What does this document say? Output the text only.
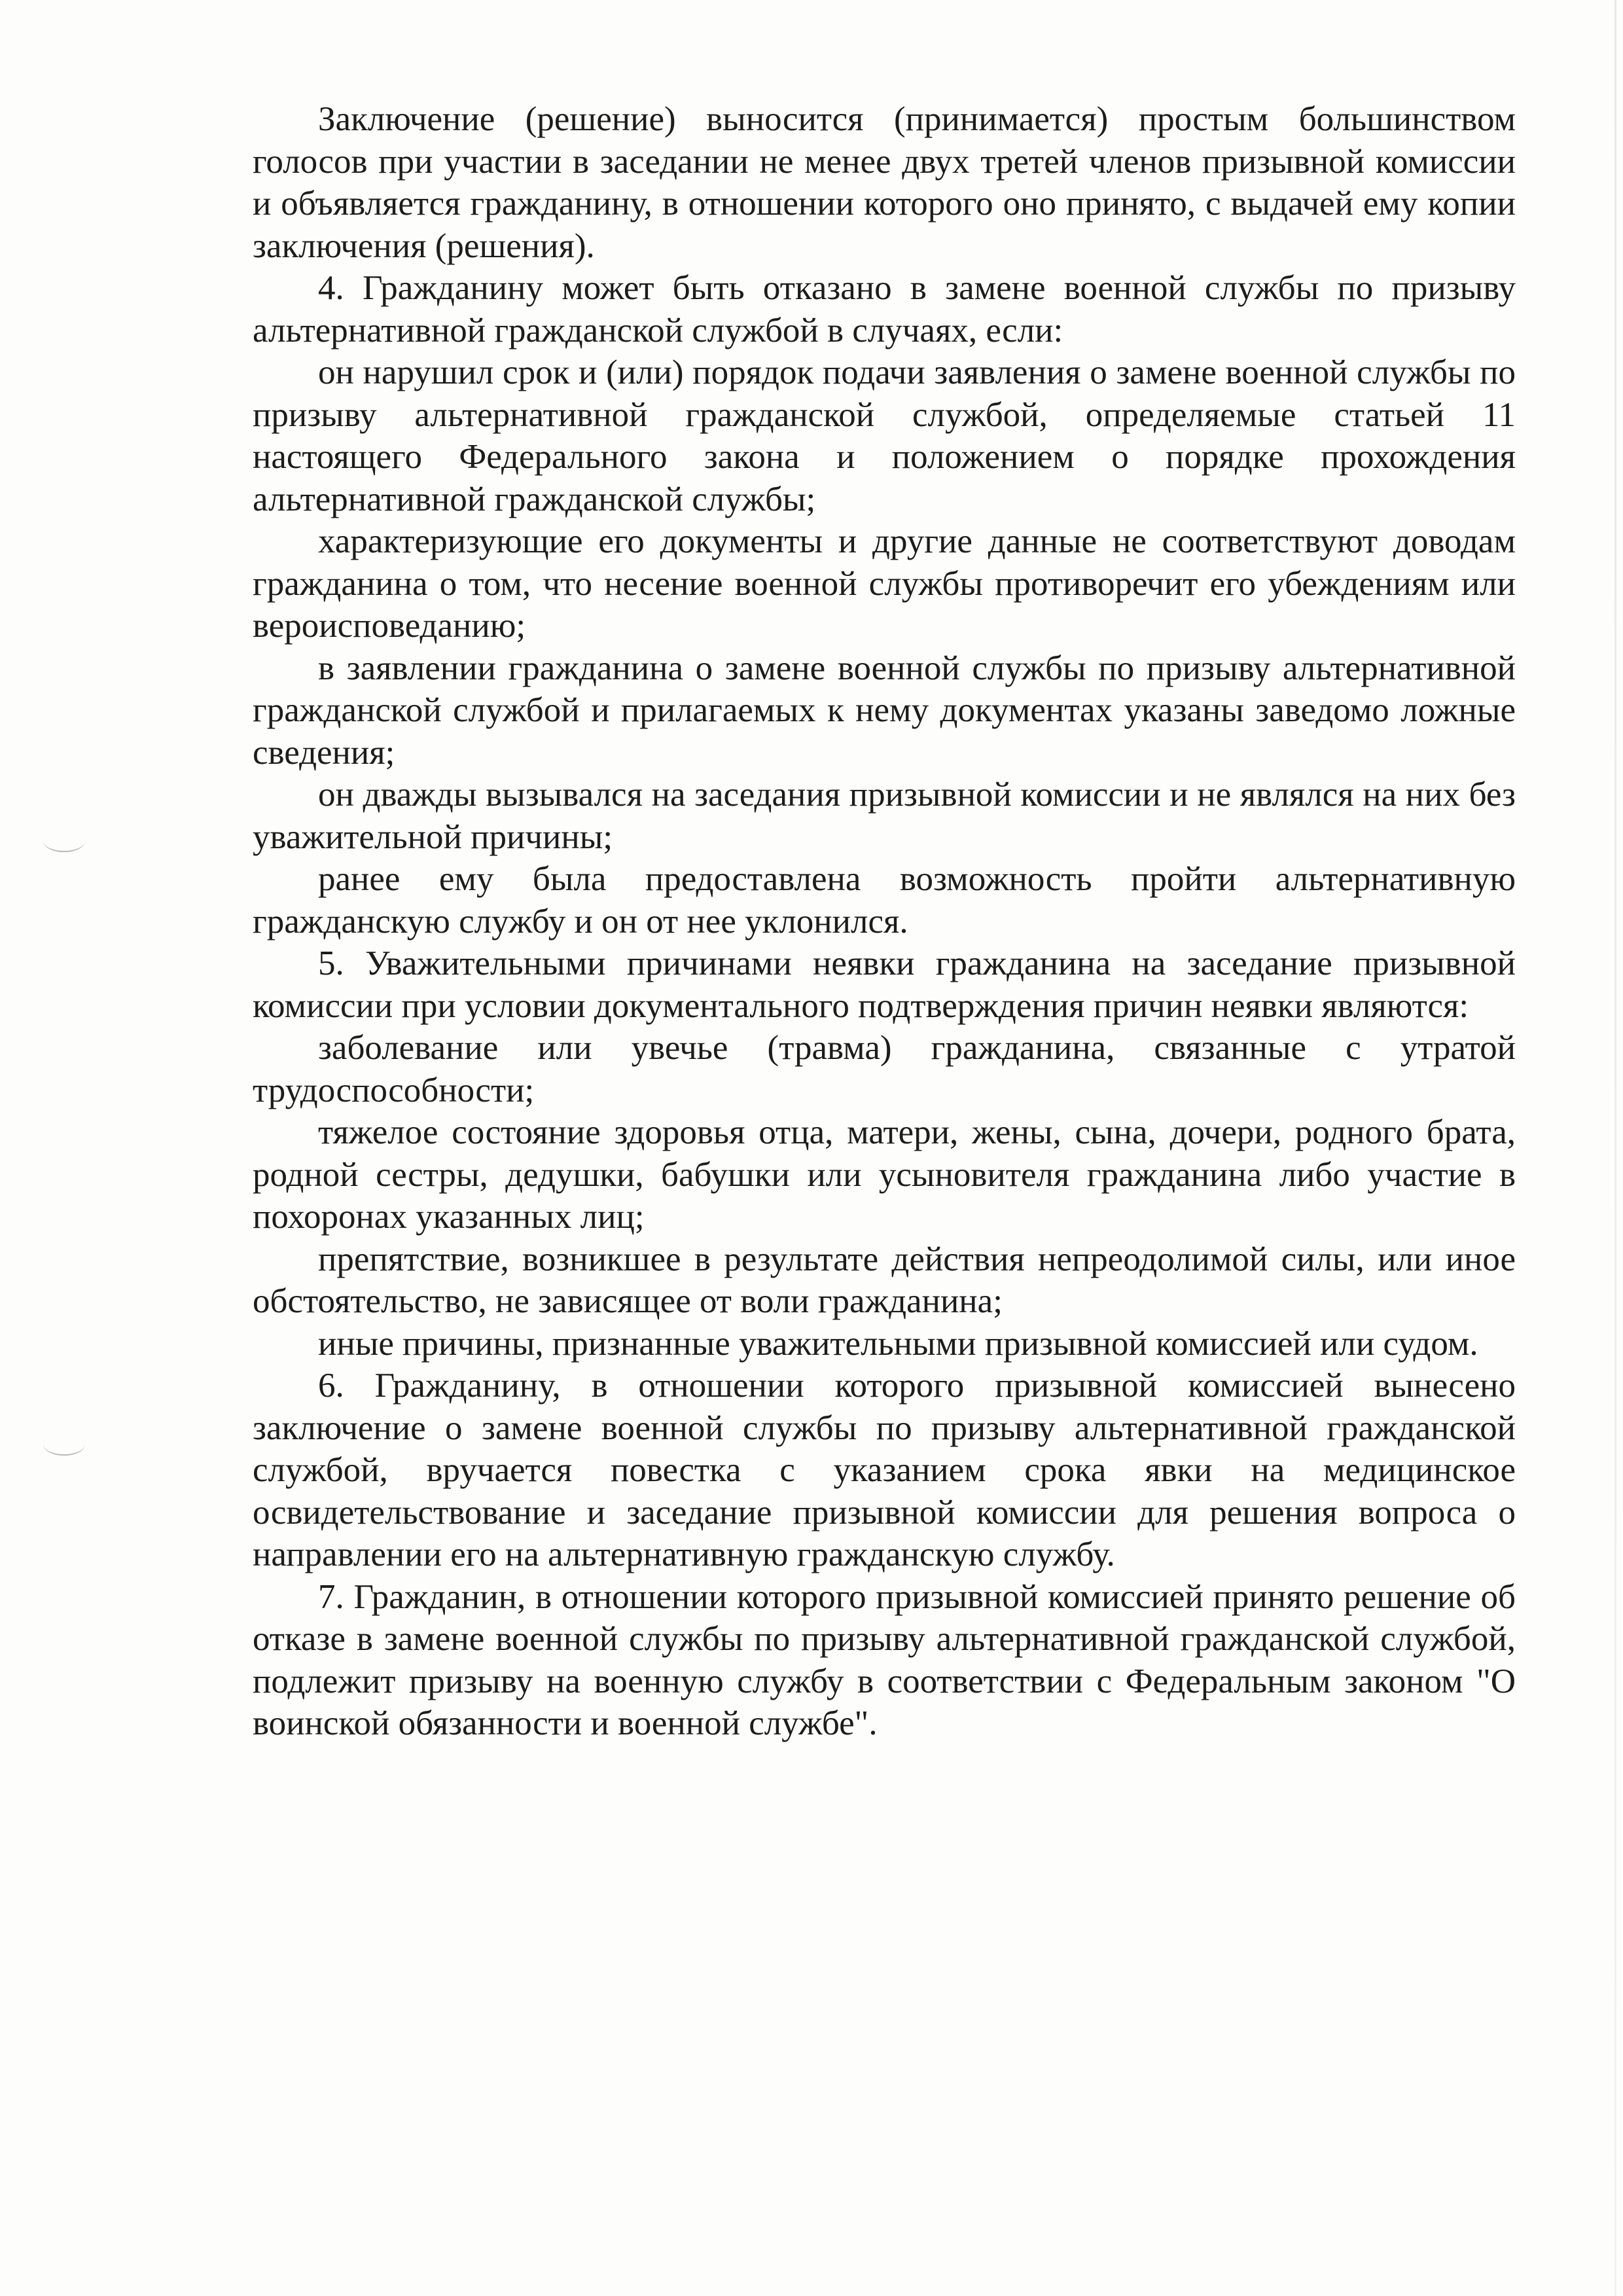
Заключение (решение) выносится (принимается) простым большинством голосов при участии в заседании не менее двух третей членов призывной комиссии и объявляется гражданину, в отношении которого оно принято, с выдачей ему копии заключения (решения).

4. Гражданину может быть отказано в замене военной службы по призыву альтернативной гражданской службой в случаях, если:

он нарушил срок и (или) порядок подачи заявления о замене военной службы по призыву альтернативной гражданской службой, определяемые статьей 11 настоящего Федерального закона и положением о порядке прохождения альтернативной гражданской службы;

характеризующие его документы и другие данные не соответствуют доводам гражданина о том, что несение военной службы противоречит его убеждениям или вероисповеданию;

в заявлении гражданина о замене военной службы по призыву альтернативной гражданской службой и прилагаемых к нему документах указаны заведомо ложные сведения;

он дважды вызывался на заседания призывной комиссии и не являлся на них без уважительной причины;

ранее ему была предоставлена возможность пройти альтернативную гражданскую службу и он от нее уклонился.

5. Уважительными причинами неявки гражданина на заседание призывной комиссии при условии документального подтверждения причин неявки являются:

заболевание или увечье (травма) гражданина, связанные с утратой трудоспособности;

тяжелое состояние здоровья отца, матери, жены, сына, дочери, родного брата, родной сестры, дедушки, бабушки или усыновителя гражданина либо участие в похоронах указанных лиц;

препятствие, возникшее в результате действия непреодолимой силы, или иное обстоятельство, не зависящее от воли гражданина;

иные причины, признанные уважительными призывной комиссией или судом.

6. Гражданину, в отношении которого призывной комиссией вынесено заключение о замене военной службы по призыву альтернативной гражданской службой, вручается повестка с указанием срока явки на медицинское освидетельствование и заседание призывной комиссии для решения вопроса о направлении его на альтернативную гражданскую службу.

7. Гражданин, в отношении которого призывной комиссией принято решение об отказе в замене военной службы по призыву альтернативной гражданской службой, подлежит призыву на военную службу в соответствии с Федеральным законом "О воинской обязанности и военной службе".
